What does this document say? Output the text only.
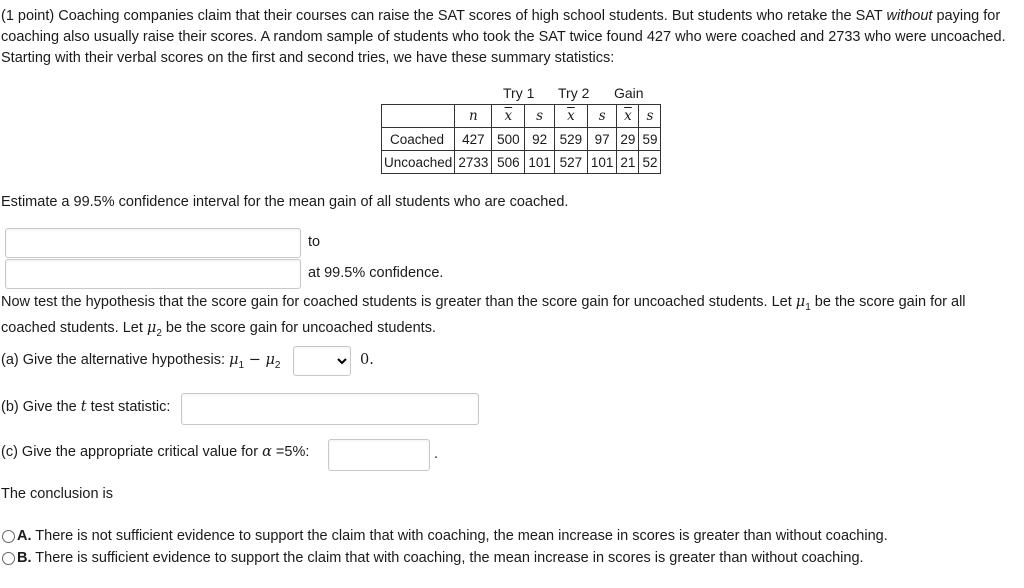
(1 point) Coaching companies claim that their courses can raise the SAT scores of high school students. But students who retake the SAT without paying for coaching also usually raise their scores. A random sample of students who took the SAT twice found 427 who were coached and 2733 who were uncoached. Starting with their verbal scores on the first and second tries, we have these summary statistics:
Try 1 Try 2 Gain
	n	$\overline{x}$	s	$\overline{x}$	s	$\overline{x}$	s
Coached	427	500	92	529	97	29	59
Uncoached	2733	506	101	527	101	21	52
Estimate a 99.5% confidence interval for the mean gain of all students who are coached.
to
at 99.5% confidence.
Now test the hypothesis that the score gain for coached students is greater than the score gain for uncoached students. Let $\mu_1$ be the score gain for all coached students. Let $\mu_2$ be the score gain for uncoached students.
(a) Give the alternative hypothesis: $\mu_1 - \mu_2$	0.
(b) Give the t test statistic:
(c) Give the appropriate critical value for α =5%:	.
The conclusion is
A. There is not sufficient evidence to support the claim that with coaching, the mean increase in scores is greater than without coaching.
B. There is sufficient evidence to support the claim that with coaching, the mean increase in scores is greater than without coaching.
